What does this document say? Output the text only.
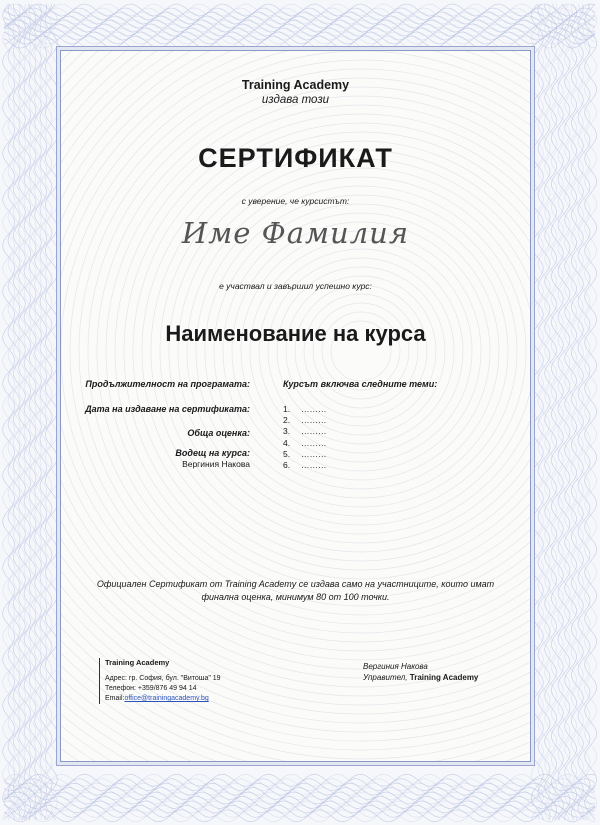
Training Academy
издава този
СЕРТИФИКАТ
с уверение, че курсистът:
Име Фамилия
е участвал и завършил успешно курс:
Наименование на курса
Продължителност на програмата:
Дата на издаване на сертификата:
Обща оценка:
Водещ на курса:
Вергиния Накова
Курсът включва следните теми:
1. ………
2. ………
3. ………
4. ………
5. ………
6. ………
Официален Сертификат от Training Academy се издава само на участниците, които имат
финална оценка, минимум 80 от 100 точки.
Training Academy
Адрес: гр. София, бул. "Витоша" 19
Телефон: +359/876 49 94 14
Email:office@trainingacademy.bg
Вергиния Накова
Управител, Training Academy
